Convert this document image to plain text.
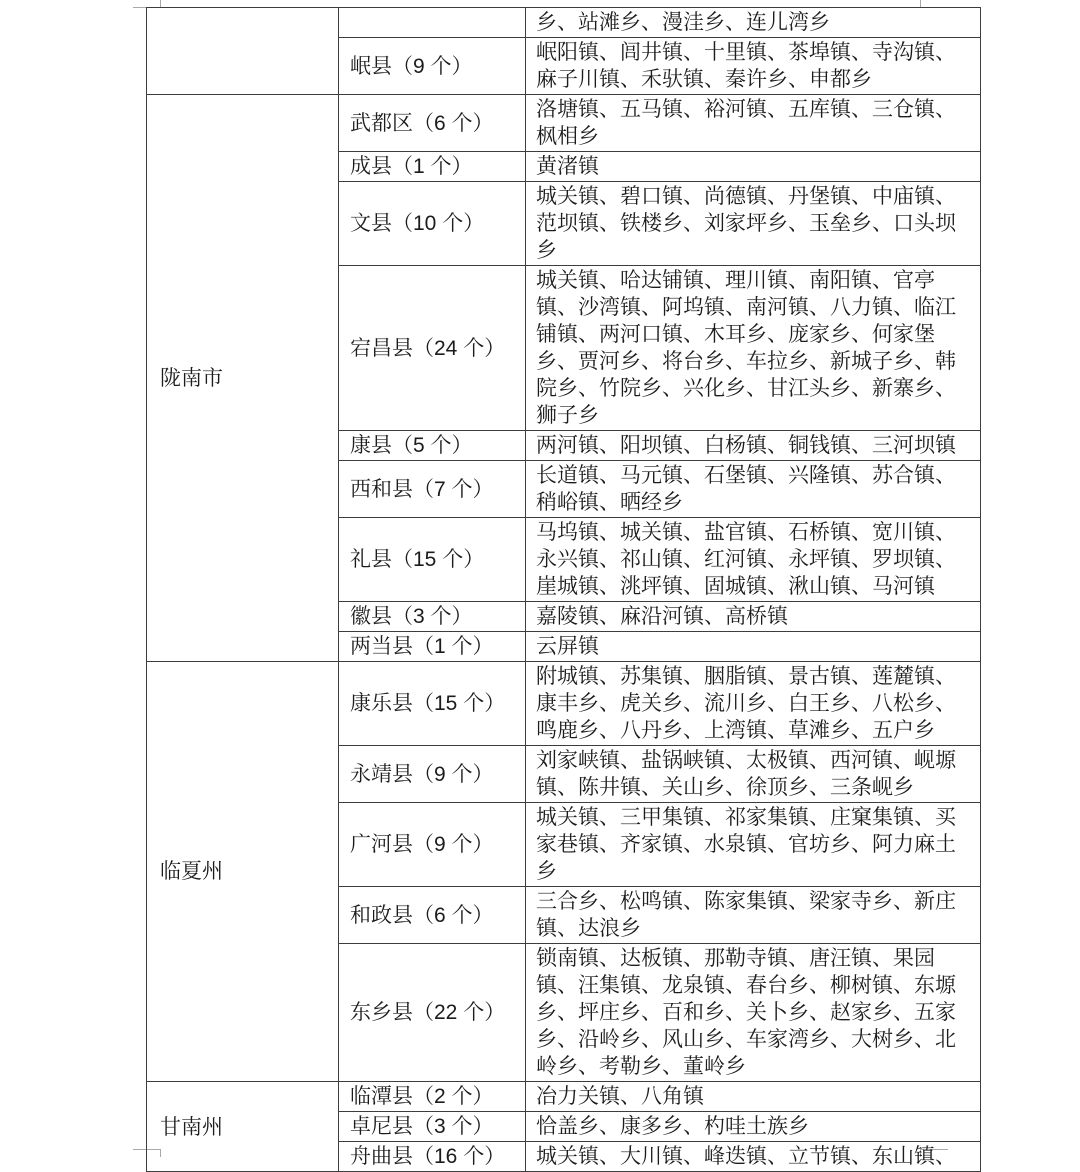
		乡、站滩乡、漫洼乡、连儿湾乡
	岷县（9 个）	岷阳镇、闾井镇、十里镇、茶埠镇、寺沟镇、麻子川镇、禾驮镇、秦许乡、申都乡
陇南市	武都区（6 个）	洛塘镇、五马镇、裕河镇、五库镇、三仓镇、枫相乡
	成县（1 个）	黄渚镇
	文县（10 个）	城关镇、碧口镇、尚德镇、丹堡镇、中庙镇、范坝镇、铁楼乡、刘家坪乡、玉垒乡、口头坝乡
	宕昌县（24 个）	城关镇、哈达铺镇、理川镇、南阳镇、官亭镇、沙湾镇、阿坞镇、南河镇、八力镇、临江铺镇、两河口镇、木耳乡、庞家乡、何家堡乡、贾河乡、将台乡、车拉乡、新城子乡、韩院乡、竹院乡、兴化乡、甘江头乡、新寨乡、狮子乡
	康县（5 个）	两河镇、阳坝镇、白杨镇、铜钱镇、三河坝镇
	西和县（7 个）	长道镇、马元镇、石堡镇、兴隆镇、苏合镇、稍峪镇、晒经乡
	礼县（15 个）	马坞镇、城关镇、盐官镇、石桥镇、宽川镇、永兴镇、祁山镇、红河镇、永坪镇、罗坝镇、崖城镇、洮坪镇、固城镇、湫山镇、马河镇
	徽县（3 个）	嘉陵镇、麻沿河镇、高桥镇
	两当县（1 个）	云屏镇
临夏州	康乐县（15 个）	附城镇、苏集镇、胭脂镇、景古镇、莲麓镇、康丰乡、虎关乡、流川乡、白王乡、八松乡、鸣鹿乡、八丹乡、上湾镇、草滩乡、五户乡
	永靖县（9 个）	刘家峡镇、盐锅峡镇、太极镇、西河镇、岘塬镇、陈井镇、关山乡、徐顶乡、三条岘乡
	广河县（9 个）	城关镇、三甲集镇、祁家集镇、庄窠集镇、买家巷镇、齐家镇、水泉镇、官坊乡、阿力麻土乡
	和政县（6 个）	三合乡、松鸣镇、陈家集镇、梁家寺乡、新庄镇、达浪乡
	东乡县（22 个）	锁南镇、达板镇、那勒寺镇、唐汪镇、果园镇、汪集镇、龙泉镇、春台乡、柳树镇、东塬乡、坪庄乡、百和乡、关卜乡、赵家乡、五家乡、沿岭乡、风山乡、车家湾乡、大树乡、北岭乡、考勒乡、董岭乡
甘南州	临潭县（2 个）	冶力关镇、八角镇
	卓尼县（3 个）	恰盖乡、康多乡、杓哇土族乡
	舟曲县（16 个）	城关镇、大川镇、峰迭镇、立节镇、东山镇、
